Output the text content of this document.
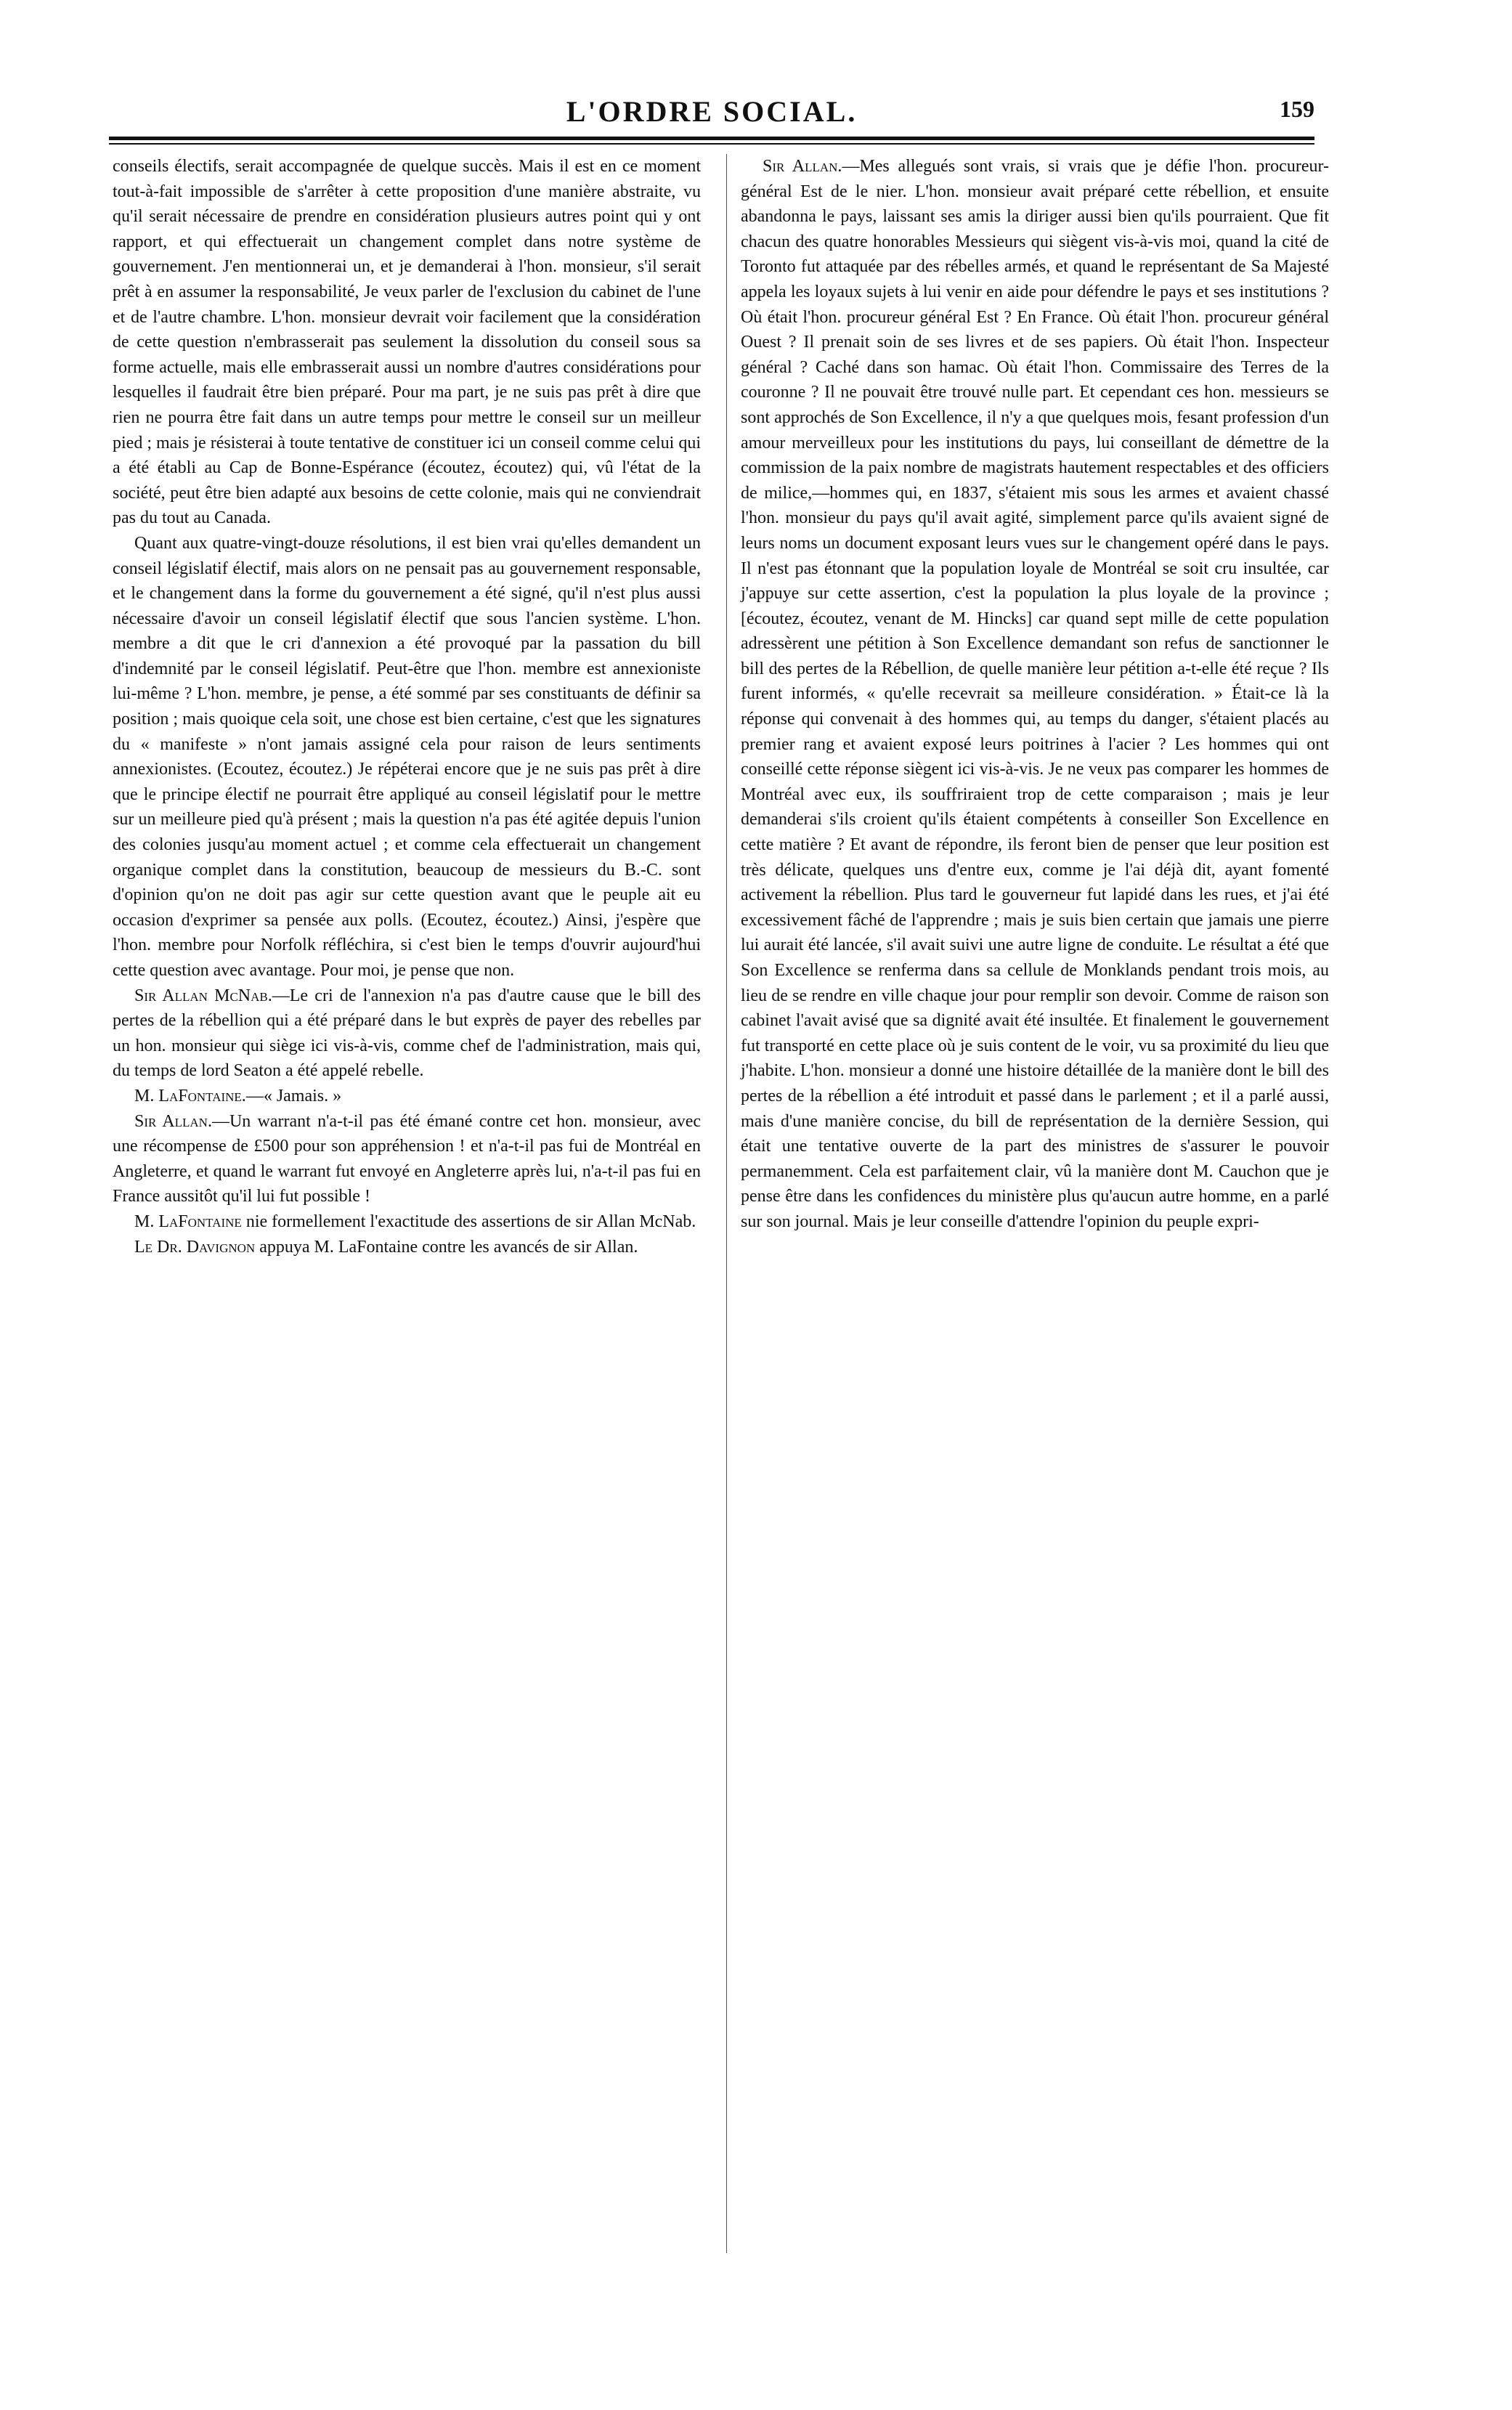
L'ORDRE SOCIAL.	159

conseils électifs, serait accompagnée de quelque succès. Mais il est en ce moment tout-à-fait impossible de s'arrêter à cette proposition d'une manière abstraite, vu qu'il serait nécessaire de prendre en considération plusieurs autres point qui y ont rapport, et qui effectuerait un changement complet dans notre système de gouvernement. J'en mentionnerai un, et je demanderai à l'hon. monsieur, s'il serait prêt à en assumer la responsabilité, Je veux parler de l'exclusion du cabinet de l'une et de l'autre chambre. L'hon. monsieur devrait voir facilement que la considération de cette question n'embrasserait pas seulement la dissolution du conseil sous sa forme actuelle, mais elle embrasserait aussi un nombre d'autres considérations pour lesquelles il faudrait être bien préparé. Pour ma part, je ne suis pas prêt à dire que rien ne pourra être fait dans un autre temps pour mettre le conseil sur un meilleur pied ; mais je résisterai à toute tentative de constituer ici un conseil comme celui qui a été établi au Cap de Bonne-Espérance (écoutez, écoutez) qui, vû l'état de la société, peut être bien adapté aux besoins de cette colonie, mais qui ne conviendrait pas du tout au Canada.

Quant aux quatre-vingt-douze résolutions, il est bien vrai qu'elles demandent un conseil législatif électif, mais alors on ne pensait pas au gouvernement responsable, et le changement dans la forme du gouvernement a été signé, qu'il n'est plus aussi nécessaire d'avoir un conseil législatif électif que sous l'ancien système. L'hon. membre a dit que le cri d'annexion a été provoqué par la passation du bill d'indemnité par le conseil législatif. Peut-être que l'hon. membre est annexioniste lui-même ? L'hon. membre, je pense, a été sommé par ses constituants de définir sa position ; mais quoique cela soit, une chose est bien certaine, c'est que les signatures du « manifeste » n'ont jamais assigné cela pour raison de leurs sentiments annexionistes. (Ecoutez, écoutez.) Je répéterai encore que je ne suis pas prêt à dire que le principe électif ne pourrait être appliqué au conseil législatif pour le mettre sur un meilleure pied qu'à présent ; mais la question n'a pas été agitée depuis l'union des colonies jusqu'au moment actuel ; et comme cela effectuerait un changement organique complet dans la constitution, beaucoup de messieurs du B.-C. sont d'opinion qu'on ne doit pas agir sur cette question avant que le peuple ait eu occasion d'exprimer sa pensée aux polls. (Ecoutez, écoutez.) Ainsi, j'espère que l'hon. membre pour Norfolk réfléchira, si c'est bien le temps d'ouvrir aujourd'hui cette question avec avantage. Pour moi, je pense que non.

Sir Allan McNab.—Le cri de l'annexion n'a pas d'autre cause que le bill des pertes de la rébellion qui a été préparé dans le but exprès de payer des rebelles par un hon. monsieur qui siège ici vis-à-vis, comme chef de l'administration, mais qui, du temps de lord Seaton a été appelé rebelle.

M. LaFontaine.—« Jamais. »

Sir Allan.—Un warrant n'a-t-il pas été émané contre cet hon. monsieur, avec une récompense de £500 pour son appréhension ! et n'a-t-il pas fui de Montréal en Angleterre, et quand le warrant fut envoyé en Angleterre après lui, n'a-t-il pas fui en France aussitôt qu'il lui fut possible !

M. LaFontaine nie formellement l'exactitude des assertions de sir Allan McNab.

Le Dr. Davignon appuya M. LaFontaine contre les avancés de sir Allan.

Sir Allan.—Mes allegués sont vrais, si vrais que je défie l'hon. procureur-général Est de le nier. L'hon. monsieur avait préparé cette rébellion, et ensuite abandonna le pays, laissant ses amis la diriger aussi bien qu'ils pourraient. Que fit chacun des quatre honorables Messieurs qui siègent vis-à-vis moi, quand la cité de Toronto fut attaquée par des rébelles armés, et quand le représentant de Sa Majesté appela les loyaux sujets à lui venir en aide pour défendre le pays et ses institutions ? Où était l'hon. procureur général Est ? En France. Où était l'hon. procureur général Ouest ? Il prenait soin de ses livres et de ses papiers. Où était l'hon. Inspecteur général ? Caché dans son hamac. Où était l'hon. Commissaire des Terres de la couronne ? Il ne pouvait être trouvé nulle part. Et cependant ces hon. messieurs se sont approchés de Son Excellence, il n'y a que quelques mois, fesant profession d'un amour merveilleux pour les institutions du pays, lui conseillant de démettre de la commission de la paix nombre de magistrats hautement respectables et des officiers de milice,—hommes qui, en 1837, s'étaient mis sous les armes et avaient chassé l'hon. monsieur du pays qu'il avait agité, simplement parce qu'ils avaient signé de leurs noms un document exposant leurs vues sur le changement opéré dans le pays. Il n'est pas étonnant que la population loyale de Montréal se soit cru insultée, car j'appuye sur cette assertion, c'est la population la plus loyale de la province ; [écoutez, écoutez, venant de M. Hincks] car quand sept mille de cette population adressèrent une pétition à Son Excellence demandant son refus de sanctionner le bill des pertes de la Rébellion, de quelle manière leur pétition a-t-elle été reçue ? Ils furent informés, « qu'elle recevrait sa meilleure considération. » Était-ce là la réponse qui convenait à des hommes qui, au temps du danger, s'étaient placés au premier rang et avaient exposé leurs poitrines à l'acier ? Les hommes qui ont conseillé cette réponse siègent ici vis-à-vis. Je ne veux pas comparer les hommes de Montréal avec eux, ils souffriraient trop de cette comparaison ; mais je leur demanderai s'ils croient qu'ils étaient compétents à conseiller Son Excellence en cette matière ? Et avant de répondre, ils feront bien de penser que leur position est très délicate, quelques uns d'entre eux, comme je l'ai déjà dit, ayant fomenté activement la rébellion. Plus tard le gouverneur fut lapidé dans les rues, et j'ai été excessivement fâché de l'apprendre ; mais je suis bien certain que jamais une pierre lui aurait été lancée, s'il avait suivi une autre ligne de conduite. Le résultat a été que Son Excellence se renferma dans sa cellule de Monklands pendant trois mois, au lieu de se rendre en ville chaque jour pour remplir son devoir. Comme de raison son cabinet l'avait avisé que sa dignité avait été insultée. Et finalement le gouvernement fut transporté en cette place où je suis content de le voir, vu sa proximité du lieu que j'habite. L'hon. monsieur a donné une histoire détaillée de la manière dont le bill des pertes de la rébellion a été introduit et passé dans le parlement ; et il a parlé aussi, mais d'une manière concise, du bill de représentation de la dernière Session, qui était une tentative ouverte de la part des ministres de s'assurer le pouvoir permanemment. Cela est parfaitement clair, vû la manière dont M. Cauchon que je pense être dans les confidences du ministère plus qu'aucun autre homme, en a parlé sur son journal. Mais je leur conseille d'attendre l'opinion du peuple expri-
